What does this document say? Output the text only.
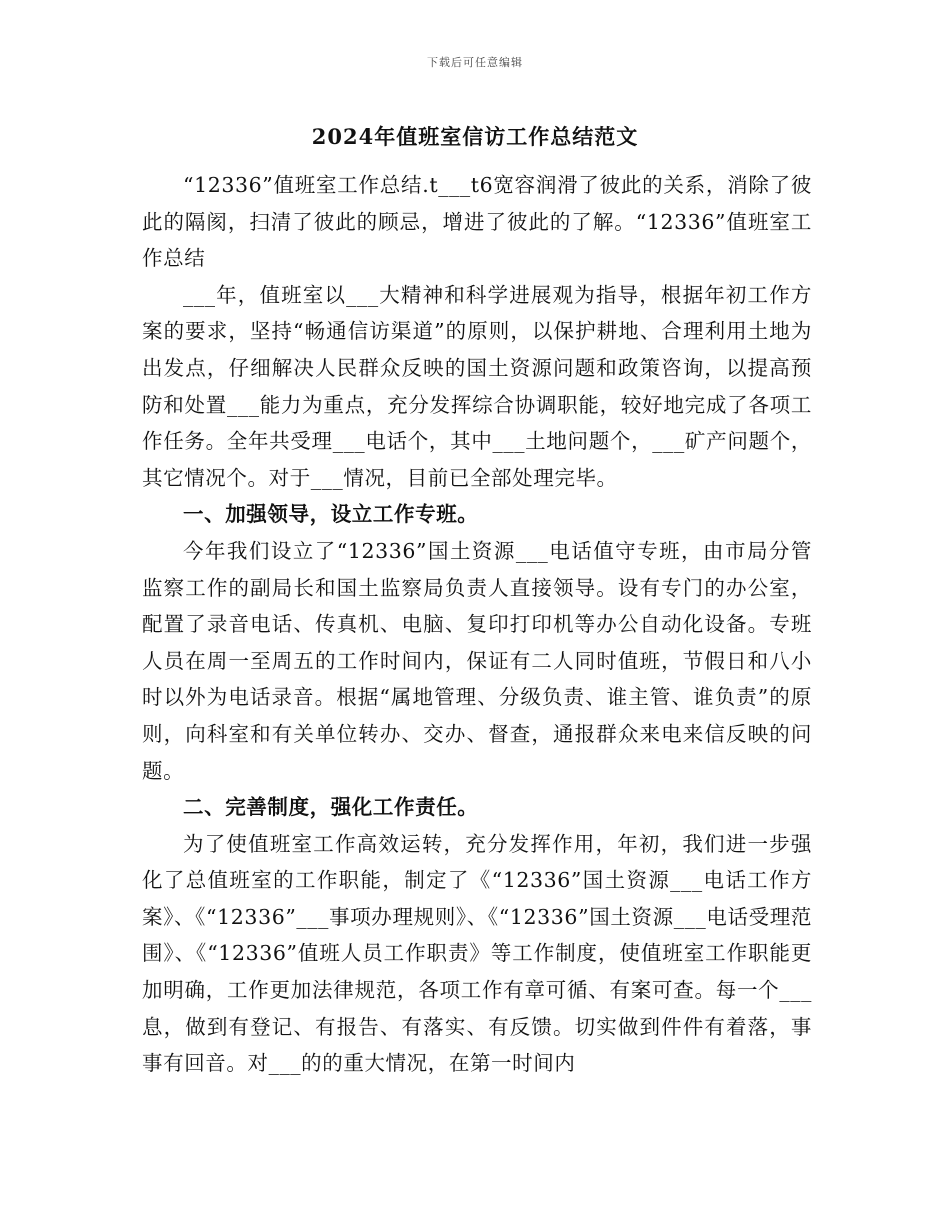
下载后可任意编辑
2024年值班室信访工作总结范文

“12336”值班室工作总结.t___t6宽容润滑了彼此的关系，消除了彼此的隔阂，扫清了彼此的顾忌，增进了彼此的了解。“12336”值班室工作总结

___年，值班室以___大精神和科学进展观为指导，根据年初工作方案的要求，坚持“畅通信访渠道”的原则，以保护耕地、合理利用土地为出发点，仔细解决人民群众反映的国土资源问题和政策咨询，以提高预防和处置___能力为重点，充分发挥综合协调职能，较好地完成了各项工作任务。全年共受理___电话个，其中___土地问题个，___矿产问题个，其它情况个。对于___情况，目前已全部处理完毕。

一、加强领导，设立工作专班。

今年我们设立了“12336”国土资源___电话值守专班，由市局分管监察工作的副局长和国土监察局负责人直接领导。设有专门的办公室，配置了录音电话、传真机、电脑、复印打印机等办公自动化设备。专班人员在周一至周五的工作时间内，保证有二人同时值班，节假日和八小时以外为电话录音。根据“属地管理、分级负责、谁主管、谁负责”的原则，向科室和有关单位转办、交办、督查，通报群众来电来信反映的问题。

二、完善制度，强化工作责任。

为了使值班室工作高效运转，充分发挥作用，年初，我们进一步强化了总值班室的工作职能，制定了《“12336”国土资源___电话工作方案》、《“12336”___事项办理规则》、《“12336”国土资源___电话受理范围》、《“12336”值班人员工作职责》等工作制度，使值班室工作职能更加明确，工作更加法律规范，各项工作有章可循、有案可查。每一个___息，做到有登记、有报告、有落实、有反馈。切实做到件件有着落，事事有回音。对___的的重大情况，在第一时间内
